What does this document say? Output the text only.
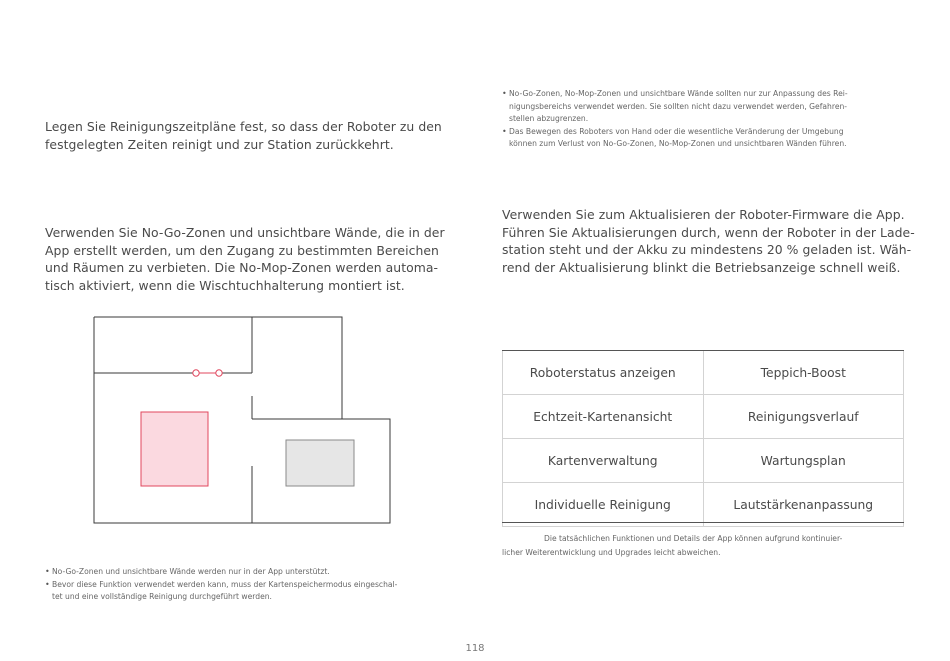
Legen Sie Reinigungszeitpläne fest, so dass der Roboter zu den
festgelegten Zeiten reinigt und zur Station zurückkehrt.

Verwenden Sie No-Go-Zonen und unsichtbare Wände, die in der
App erstellt werden, um den Zugang zu bestimmten Bereichen
und Räumen zu verbieten. Die No-Mop-Zonen werden automa-
tisch aktiviert, wenn die Wischtuchhalterung montiert ist.

• No-Go-Zonen und unsichtbare Wände werden nur in der App unterstützt.
• Bevor diese Funktion verwendet werden kann, muss der Kartenspeichermodus eingeschal-
tet und eine vollständige Reinigung durchgeführt werden.
• No-Go-Zonen, No-Mop-Zonen und unsichtbare Wände sollten nur zur Anpassung des Rei-
nigungsbereichs verwendet werden. Sie sollten nicht dazu verwendet werden, Gefahren-
stellen abzugrenzen.
• Das Bewegen des Roboters von Hand oder die wesentliche Veränderung der Umgebung
können zum Verlust von No-Go-Zonen, No-Mop-Zonen und unsichtbaren Wänden führen.

Verwenden Sie zum Aktualisieren der Roboter-Firmware die App.
Führen Sie Aktualisierungen durch, wenn der Roboter in der Lade-
station steht und der Akku zu mindestens 20 % geladen ist. Wäh-
rend der Aktualisierung blinkt die Betriebsanzeige schnell weiß.

Roboterstatus anzeigen	Teppich-Boost
Echtzeit-Kartenansicht	Reinigungsverlauf
Kartenverwaltung	Wartungsplan
Individuelle Reinigung	Lautstärkenanpassung

Die tatsächlichen Funktionen und Details der App können aufgrund kontinuier-
licher Weiterentwicklung und Upgrades leicht abweichen.

118
